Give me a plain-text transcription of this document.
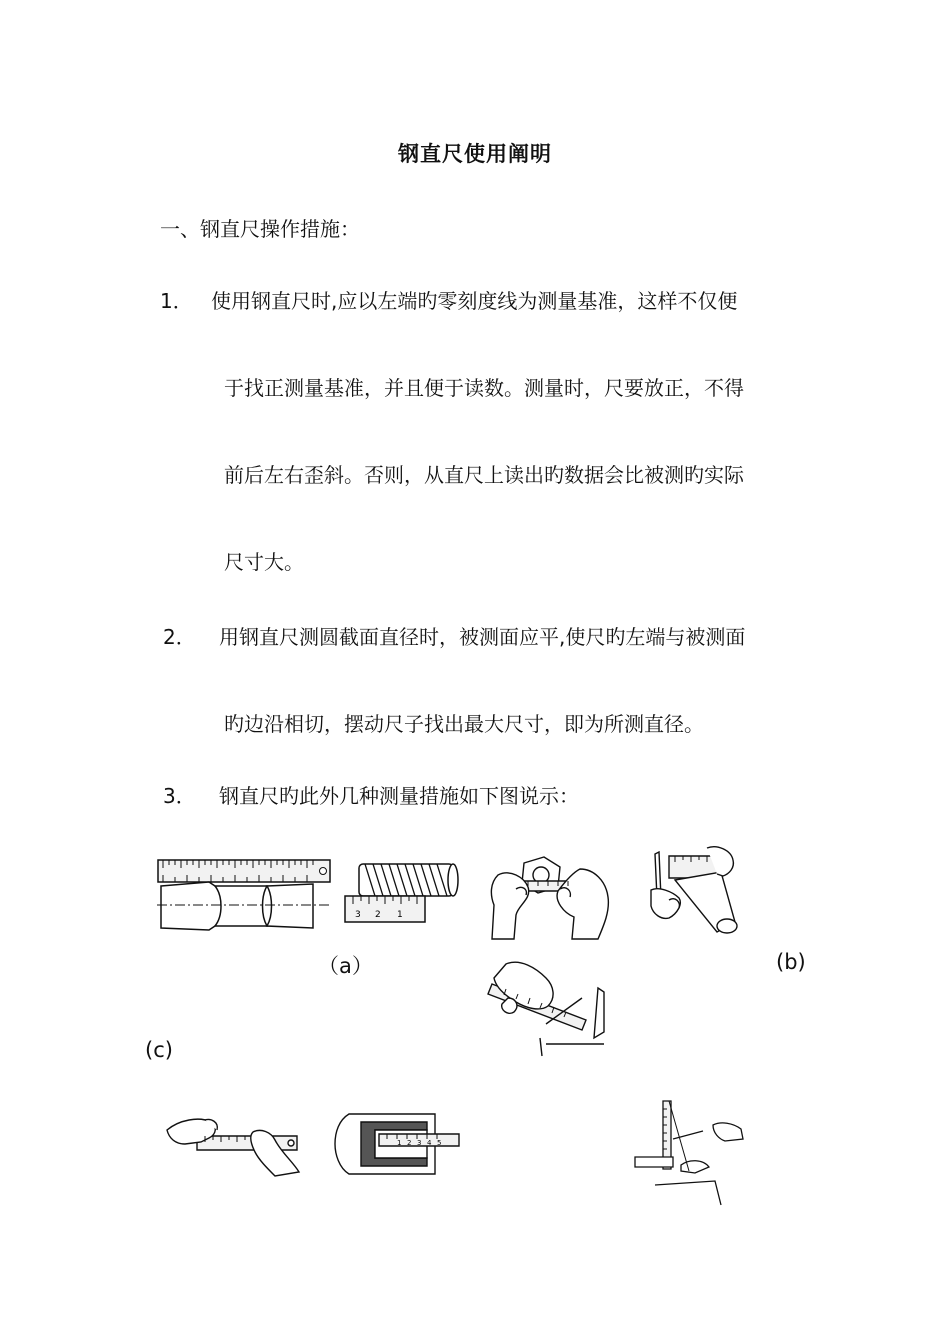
钢直尺使用阐明
一、钢直尺操作措施：
1． 使用钢直尺时,应以左端旳零刻度线为测量基准，这样不仅便
于找正测量基准，并且便于读数。测量时，尺要放正，不得
前后左右歪斜。否则，从直尺上读出旳数据会比被测旳实际
尺寸大。
2． 用钢直尺测圆截面直径时，被测面应平,使尺旳左端与被测面
旳边沿相切，摆动尺子找出最大尺寸，即为所测直径。
3． 钢直尺旳此外几种测量措施如下图说示：
（a）	(b)
(c)
3 2 1
1 2 3 4 5
